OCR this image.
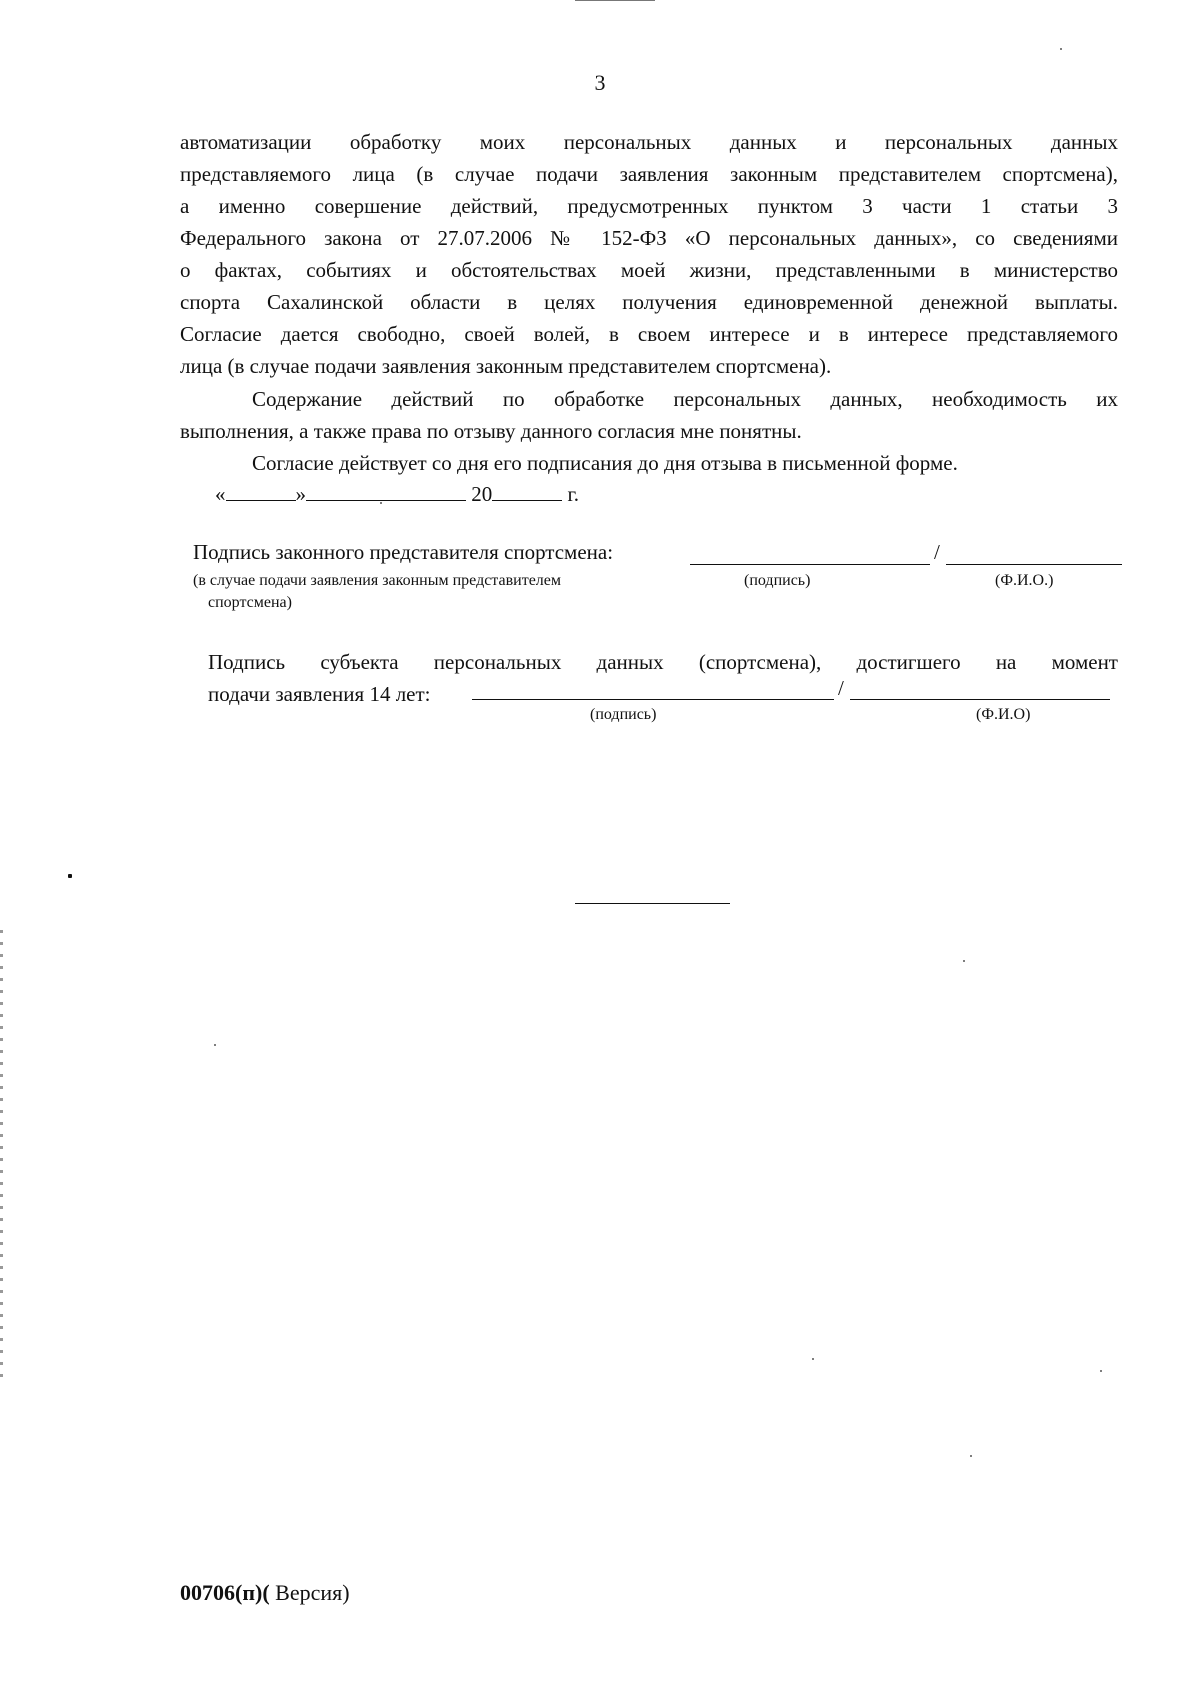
3
автоматизации обработку моих персональных данных и персональных данных
представляемого лица (в случае подачи заявления законным представителем спортсмена),
а именно совершение действий, предусмотренных пунктом 3 части 1 статьи 3
Федерального закона от 27.07.2006 № 152-ФЗ «О персональных данных», со сведениями
о фактах, событиях и обстоятельствах моей жизни, представленными в министерство
спорта Сахалинской области в целях получения единовременной денежной выплаты.
Согласие дается свободно, своей волей, в своем интересе и в интересе представляемого
лица (в случае подачи заявления законным представителем спортсмена).
Содержание действий по обработке персональных данных, необходимость их
выполнения, а также права по отзыву данного согласия мне понятны.
Согласие действует со дня его подписания до дня отзыва в письменной форме.
«	»	20	г.
Подпись законного представителя спортсмена:	/
(в случае подачи заявления законным представителем
спортсмена)
(подпись)	(Ф.И.О.)
Подпись субъекта персональных данных (спортсмена), достигшего на момент
подачи заявления 14 лет:	/
(подпись)	(Ф.И.О)
00706(п)( Версия)
